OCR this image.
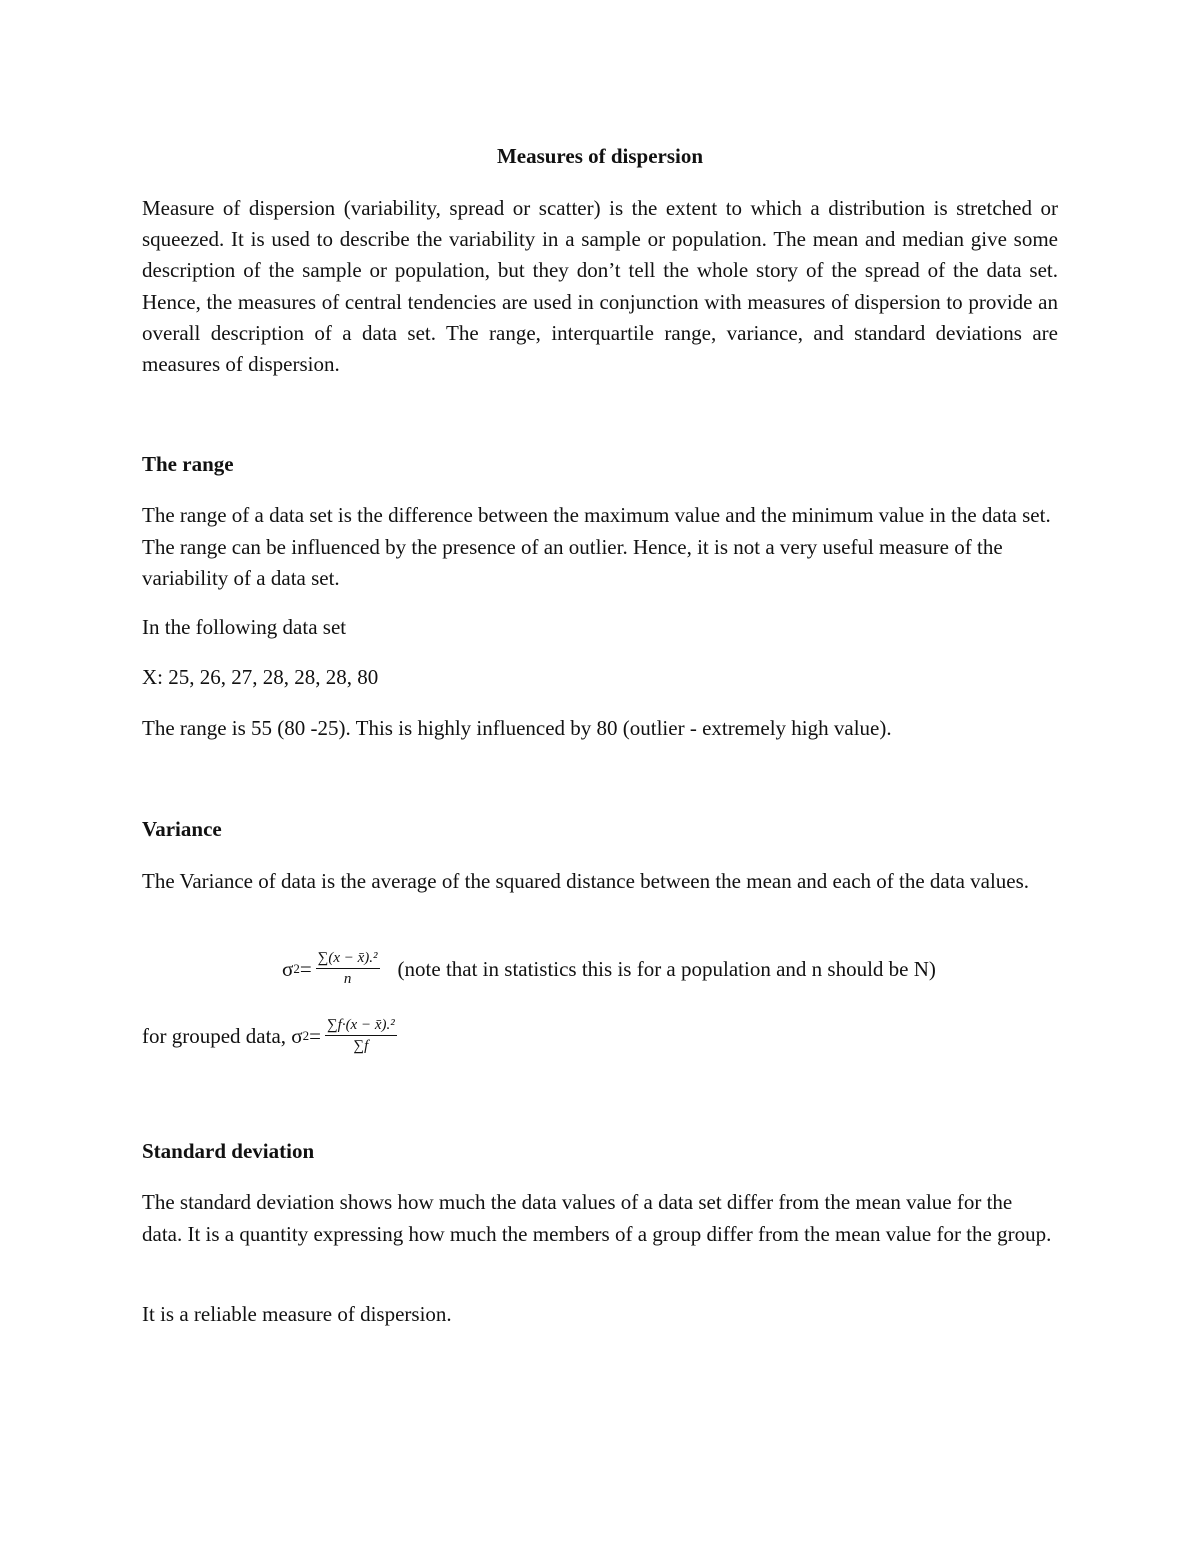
Measures of dispersion

Measure of dispersion (variability, spread or scatter) is the extent to which a distribution is stretched or squeezed. It is used to describe the variability in a sample or population. The mean and median give some description of the sample or population, but they don’t tell the whole story of the spread of the data set. Hence, the measures of central tendencies are used in conjunction with measures of dispersion to provide an overall description of a data set. The range, interquartile range, variance, and standard deviations are measures of dispersion.

The range

The range of a data set is the difference between the maximum value and the minimum value in the data set. The range can be influenced by the presence of an outlier. Hence, it is not a very useful measure of the variability of a data set.

In the following data set

X: 25, 26, 27, 28, 28, 28, 80

The range is 55 (80 -25). This is highly influenced by 80 (outlier - extremely high value).

Variance

The Variance of data is the average of the squared distance between the mean and each of the data values.

σ $2 = \frac{\text{∑(x − x̄).²}}{n}$ (note that in statistics this is for a population and n should be N)
for grouped data, σ $2 = \frac{\text{∑f·(x − x̄).²}}{\sum f}$
Standard deviation

The standard deviation shows how much the data values of a data set differ from the mean value for the data. It is a quantity expressing how much the members of a group differ from the mean value for the group.

It is a reliable measure of dispersion.
